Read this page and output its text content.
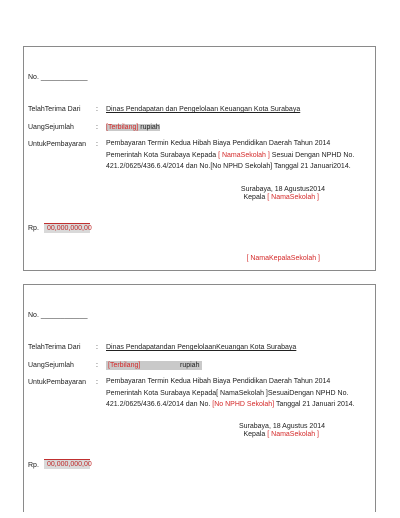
No. ____________
TelahTerima Dari : Dinas Pendapatan dan Pengelolaan Keuangan Kota Surabaya
UangSejumlah	: [Terbilang] rupiah
UntukPembayaran : Pembayaran Termin Kedua Hibah Biaya Pendidikan Daerah Tahun 2014
Pemerintah Kota Surabaya Kepada [ NamaSekolah ] Sesuai Dengan NPHD No.
421.2/0625/436.6.4/2014 dan No.[No NPHD Sekolah] Tanggal 21 Januari2014.
Surabaya, 18 Agustus2014
Kepala [ NamaSekolah ]
Rp.	00,000,000,00
[ NamaKepalaSekolah ]
No. ____________
TelahTerima Dari : Dinas Pendapatandan PengelolaanKeuangan Kota Surabaya
UangSejumlah	: [Terbilang]	rupiah
UntukPembayaran : Pembayaran Termin Kedua Hibah Biaya Pendidikan Daerah Tahun 2014
Pemerintah Kota Surabaya Kepada[ NamaSekolah ]SesuaiDengan NPHD No.
421.2/0625/436.6.4/2014 dan No. [No NPHD Sekolah] Tanggal 21 Januari 2014.
Surabaya, 18 Agustus 2014
Kepala [ NamaSekolah ]
Rp.	00,000,000,00
